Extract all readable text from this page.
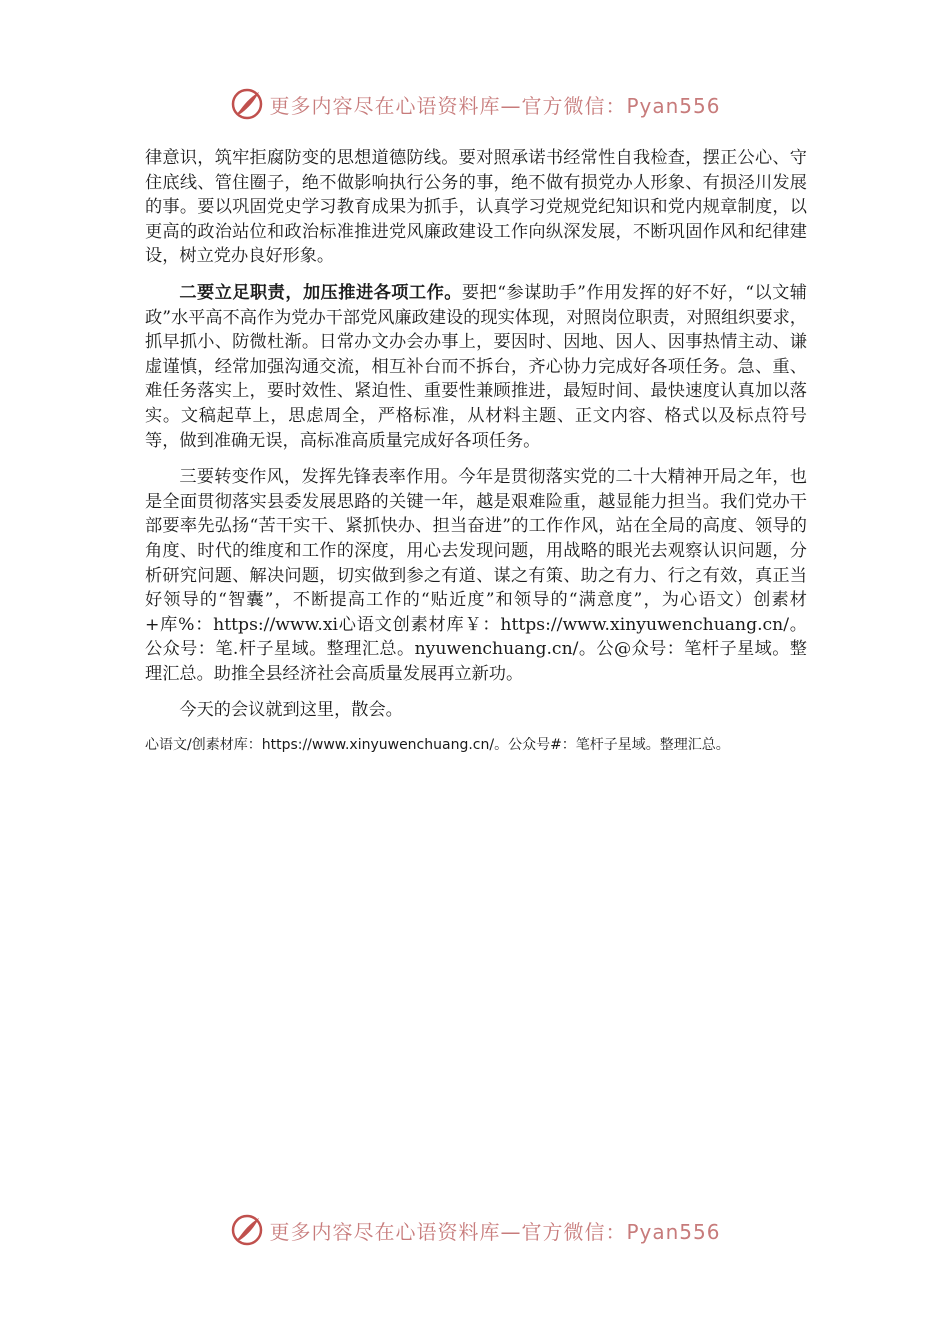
更多内容尽在心语资料库—官方微信：Pyan556

律意识，筑牢拒腐防变的思想道德防线。要对照承诺书经常性自我检查，摆正公心、守住底线、管住圈子，绝不做影响执行公务的事，绝不做有损党办人形象、有损泾川发展的事。要以巩固党史学习教育成果为抓手，认真学习党规党纪知识和党内规章制度，以更高的政治站位和政治标准推进党风廉政建设工作向纵深发展，不断巩固作风和纪律建设，树立党办良好形象。

二要立足职责，加压推进各项工作。要把“参谋助手”作用发挥的好不好，“以文辅政”水平高不高作为党办干部党风廉政建设的现实体现，对照岗位职责，对照组织要求，抓早抓小、防微杜渐。日常办文办会办事上，要因时、因地、因人、因事热情主动、谦虚谨慎，经常加强沟通交流，相互补台而不拆台，齐心协力完成好各项任务。急、重、难任务落实上，要时效性、紧迫性、重要性兼顾推进，最短时间、最快速度认真加以落实。文稿起草上，思虑周全，严格标准，从材料主题、正文内容、格式以及标点符号等，做到准确无误，高标准高质量完成好各项任务。

三要转变作风，发挥先锋表率作用。今年是贯彻落实党的二十大精神开局之年，也是全面贯彻落实县委发展思路的关键一年，越是艰难险重，越显能力担当。我们党办干部要率先弘扬“苦干实干、紧抓快办、担当奋进”的工作作风，站在全局的高度、领导的角度、时代的维度和工作的深度，用心去发现问题，用战略的眼光去观察认识问题，分析研究问题、解决问题，切实做到参之有道、谋之有策、助之有力、行之有效，真正当好领导的“智囊”，不断提高工作的“贴近度”和领导的“满意度”，为心语文）创素材+库%：https://www.xi心语文创素材库￥：https://www.xinyuwenchuang.cn/。公众号：笔.杆子星域。整理汇总。nyuwenchuang.cn/。公@众号：笔杆子星域。整理汇总。助推全县经济社会高质量发展再立新功。

今天的会议就到这里，散会。

心语文/创素材库：https://www.xinyuwenchuang.cn/。公众号#：笔杆子星域。整理汇总。

更多内容尽在心语资料库—官方微信：Pyan556
